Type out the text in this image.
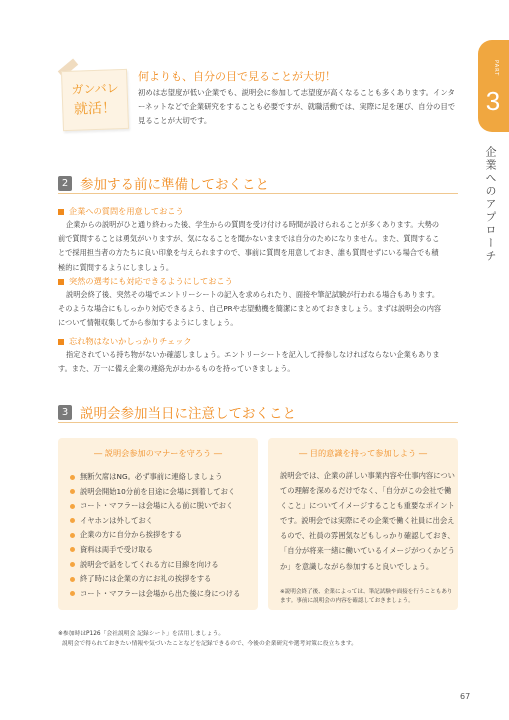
PART
3
企業へのアプローチ
ガンバレ
就活！
何よりも、自分の目で見ることが大切！
初めは志望度が低い企業でも、説明会に参加して志望度が高くなることも多くあります。インターネットなどで企業研究をすることも必要ですが、就職活動では、実際に足を運び、自分の目で見ることが大切です。
2 参加する前に準備しておくこと
企業への質問を用意しておこう
企業からの説明がひと通り終わった後、学生からの質問を受け付ける時間が設けられることが多くあります。大勢の前で質問することは勇気がいりますが、気になることを聞かないままでは自分のためになりません。また、質問することで採用担当者の方たちに良い印象を与えられますので、事前に質問を用意しておき、誰も質問せずにいる場合でも積極的に質問するようにしましょう。
突然の選考にも対応できるようにしておこう
説明会終了後、突然その場でエントリーシートの記入を求められたり、面接や筆記試験が行われる場合もあります。そのような場合にもしっかり対応できるよう、自己PRや志望動機を簡潔にまとめておきましょう。まずは説明会の内容について情報収集してから参加するようにしましょう。
忘れ物はないかしっかりチェック
指定されている持ち物がないか確認しましょう。エントリーシートを記入して持参しなければならない企業もあります。また、万一に備え企業の連絡先がわかるものを持っていきましょう。
3 説明会参加当日に注意しておくこと
― 説明会参加のマナーを守ろう ―
無断欠席はNG。必ず事前に連絡しましょう
説明会開始10分前を目途に会場に到着しておく
コート・マフラーは会場に入る前に脱いでおく
イヤホンは外しておく
企業の方に自分から挨拶をする
資料は両手で受け取る
説明会で話をしてくれる方に目線を向ける
終了時には企業の方にお礼の挨拶をする
コート・マフラーは会場から出た後に身につける
― 目的意識を持って参加しよう ―
説明会では、企業の詳しい事業内容や仕事内容についての理解を深めるだけでなく、「自分がこの会社で働くこと」についてイメージすることも重要なポイントです。説明会では実際にその企業で働く社員に出会えるので、社員の雰囲気などもしっかり確認しておき、「自分が将来一緒に働いているイメージがつくかどうか」を意識しながら参加すると良いでしょう。
※説明会終了後、企業によっては、筆記試験や面接を行うこともあります。事前に説明会の内容を確認しておきましょう。
※参加時はP126「会社説明会 記録シート」を活用しましょう。
説明会で得られておきたい情報や気づいたことなどを記録できるので、今後の企業研究や選考対策に役立ちます。
67
